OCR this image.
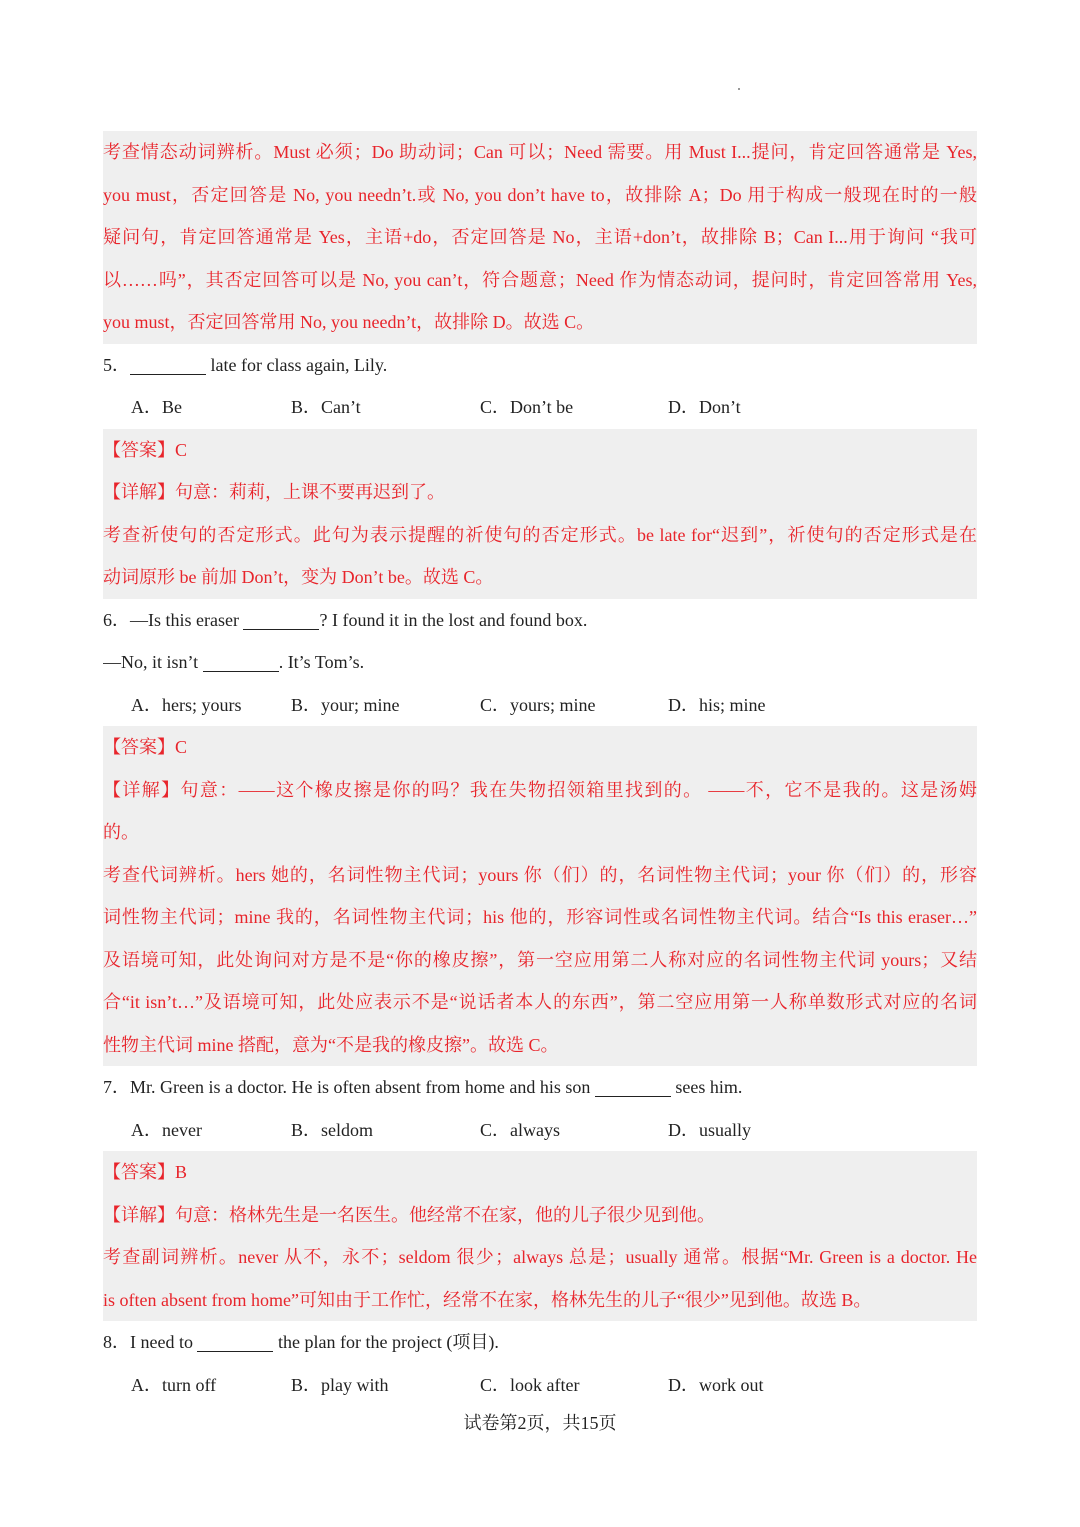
考查情态动词辨析。Must 必须；Do 助动词；Can 可以；Need 需要。用 Must I...提问，肯定回答通常是 Yes,
you must，否定回答是 No, you needn’t.或 No, you don’t have to，故排除 A；Do 用于构成一般现在时的一般
疑问句，肯定回答通常是 Yes，主语+do，否定回答是 No，主语+don’t，故排除 B；Can I...用于询问 “我可
以……吗”，其否定回答可以是 No, you can’t，符合题意；Need 作为情态动词，提问时，肯定回答常用 Yes,
you must，否定回答常用 No, you needn’t，故排除 D。故选 C。
5．	late for class again, Lily.
A．Be	B．Can’t	C．Don’t be	D．Don’t
【答案】C
【详解】句意：莉莉，上课不要再迟到了。
考查祈使句的否定形式。此句为表示提醒的祈使句的否定形式。be late for“迟到”，祈使句的否定形式是在
动词原形 be 前加 Don’t，变为 Don’t be。故选 C。
6．—Is this eraser	? I found it in the lost and found box.
—No, it isn’t	. It’s Tom’s.
A．hers; yours	B．your; mine	C．yours; mine	D．his; mine
【答案】C
【详解】句意：——这个橡皮擦是你的吗？我在失物招领箱里找到的。 ——不，它不是我的。这是汤姆
的。
考查代词辨析。hers 她的，名词性物主代词；yours 你（们）的，名词性物主代词；your 你（们）的，形容
词性物主代词；mine 我的，名词性物主代词；his 他的，形容词性或名词性物主代词。结合“Is this eraser…”
及语境可知，此处询问对方是不是“你的橡皮擦”，第一空应用第二人称对应的名词性物主代词 yours；又结
合“it isn’t…”及语境可知，此处应表示不是“说话者本人的东西”，第二空应用第一人称单数形式对应的名词
性物主代词 mine 搭配，意为“不是我的橡皮擦”。故选 C。
7．Mr. Green is a doctor. He is often absent from home and his son	sees him.
A．never	B．seldom	C．always	D．usually
【答案】B
【详解】句意：格林先生是一名医生。他经常不在家，他的儿子很少见到他。
考查副词辨析。never 从不，永不；seldom 很少；always 总是；usually 通常。根据“Mr. Green is a doctor. He
is often absent from home”可知由于工作忙，经常不在家，格林先生的儿子“很少”见到他。故选 B。
8．I need to	the plan for the project (项目).
A．turn off	B．play with	C．look after	D．work out
试卷第2页，共15页
